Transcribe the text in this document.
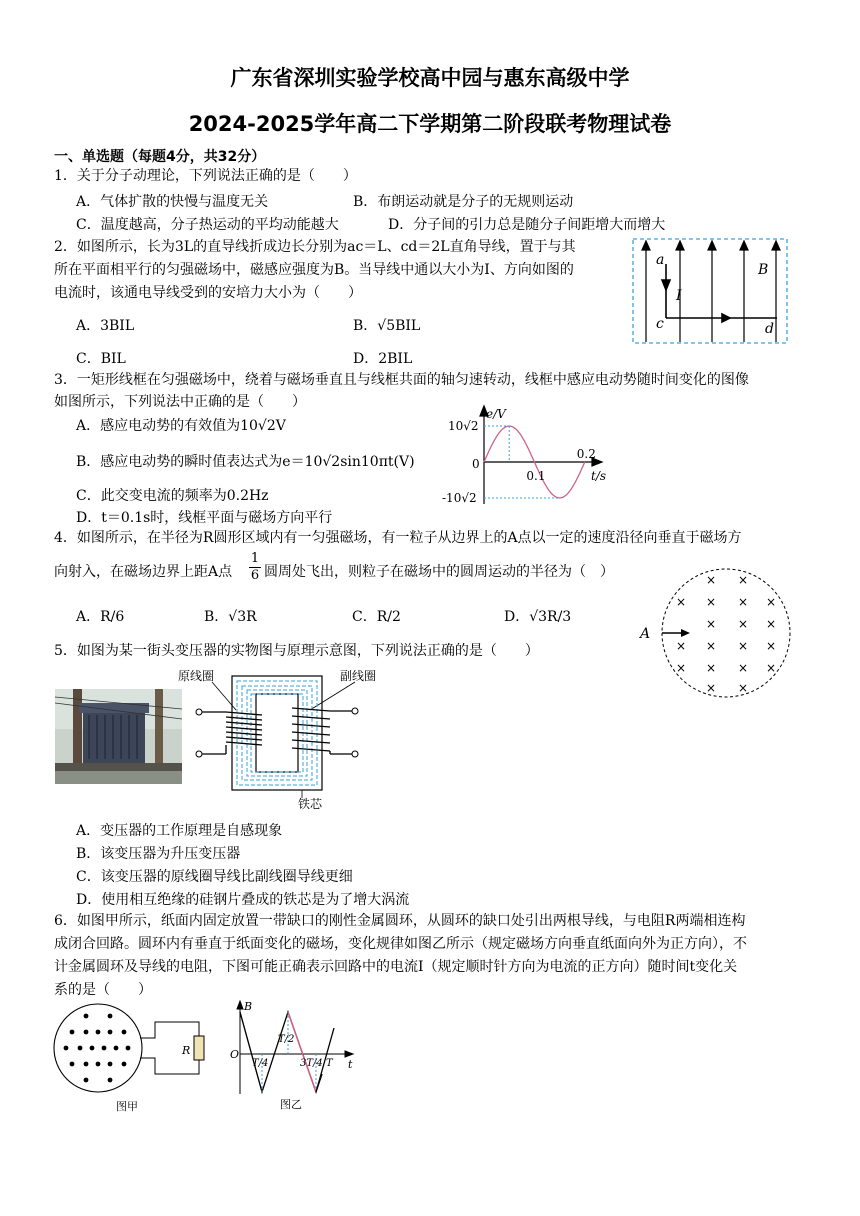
广东省深圳实验学校高中园与惠东高级中学
2024-2025学年高二下学期第二阶段联考物理试卷
一、单选题（每题4分，共32分）
1．关于分子动理论，下列说法正确的是（　　）
A．气体扩散的快慢与温度无关	B．布朗运动就是分子的无规则运动
C．温度越高，分子热运动的平均动能越大	D．分子间的引力总是随分子间距增大而增大
2．如图所示，长为3L的直导线折成边长分别为ac＝L、cd＝2L直角导线，置于与其
所在平面相平行的匀强磁场中，磁感应强度为B。当导线中通以大小为I、方向如图的
电流时，该通电导线受到的安培力大小为（　　）
A．3BIL	B．√5BIL
C．BIL	D．2BIL
a
I
c
B
d
3．一矩形线框在匀强磁场中，绕着与磁场垂直且与线框共面的轴匀速转动，线框中感应电动势随时间变化的图像
如图所示，下列说法中正确的是（　　）
A．感应电动势的有效值为10√2V
B．感应电动势的瞬时值表达式为e＝10√2sin10πt(V)
C．此交变电流的频率为0.2Hz
D．t＝0.1s时，线框平面与磁场方向平行
e/V
t/s
0
0.1
0.2
10√2
-10√2
4．如图所示，在半径为R圆形区域内有一匀强磁场，有一粒子从边界上的A点以一定的速度沿径向垂直于磁场方
向射入，在磁场边界上距A点 $\frac{1}{6}$ 圆周处飞出，则粒子在磁场中的圆周运动的半径为（　）
A．R/6	B．√3R	C．R/2	D．√3R/3
× ×
× × × ×
× × ×
× × × ×
× × × ×
× ×
A
5．如图为某一街头变压器的实物图与原理示意图，下列说法正确的是（　　）
原线圈	副线圈
铁芯
A．变压器的工作原理是自感现象
B．该变压器为升压变压器
C．该变压器的原线圈导线比副线圈导线更细
D．使用相互绝缘的硅钢片叠成的铁芯是为了增大涡流
6．如图甲所示，纸面内固定放置一带缺口的刚性金属圆环，从圆环的缺口处引出两根导线，与电阻R两端相连构
成闭合回路。圆环内有垂直于纸面变化的磁场，变化规律如图乙所示（规定磁场方向垂直纸面向外为正方向），不
计金属圆环及导线的电阻，下图可能正确表示回路中的电流I（规定顺时针方向为电流的正方向）随时间t变化关
系的是（　　）
R
图甲
B
t
O
T/4
T/2
3T/4 T
图乙
